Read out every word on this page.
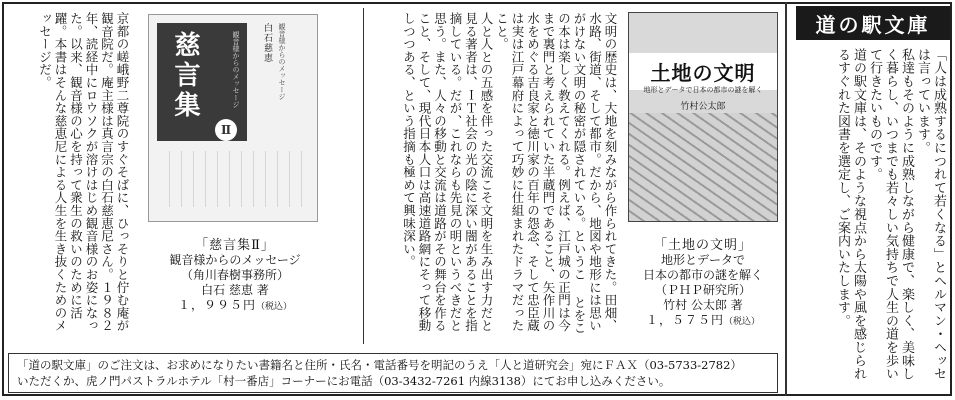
道の駅文庫
「人は成熟するにつれて若くなる」とヘルマン・ヘッセは言っています。
私達もそのように成熟しながら健康で、楽しく、美味しく暮らし、いつまでも若々しい気持ちで人生の道を歩いて行きたいものです。
道の駅文庫は、そのような視点から太陽や風を感じられるすぐれた図書を選定し、ご案内いたします。
文明の歴史は、大地を刻みながら作られてきた。田畑、水路、街道、そして都市。だから、地図や地形には思いがけない文明の秘密が隠されている。というこ とをこの本は楽しく教えてくれる。例えば、江戸城の正門は今まで裏門と考えられていた半蔵門であること、矢作川の水をめぐる吉良家と徳川家の百年の怨念、そして忠臣蔵は実は江戸幕府によって巧妙に仕組まれたドラマだったこと。
人と人との五感を伴った交流こそ文明を生み出す力だと見る著者は、ＩＴ社会の光の陰に深い闇があることを指摘している。だが、これならも先見の明というべきだと思う。また、人々の移動と交流は道路がその舞台を作ること、そして、現代日本人口は高速道路網にそって移動しつつある、という指摘も極めて興味深い。	土地の文明
地形とデータで日本の都市の謎を解く
竹村公太郎
「土地の文明」
地形とデータで
日本の都市の謎を解く
（ＰＨＰ研究所）
竹村 公太郎 著
１，５７５円（税込）
慈言集	観音様からのメッセージ
Ⅱ
白石慈恵 観音様からのメッセージ
「慈言集Ⅱ」
観音様からのメッセージ
（角川春樹事務所）
白石 慈恵 著
１，９９５円（税込）
京都の嵯峨野二尊院のすぐそばに、ひっそりと佇む庵が観音院だ。庵主様は真言宗の白石慈恵尼さん。１９８２年、読経中にロウソクが溶けはじめ観音様のお姿になった。以来、観音様の心を持って衆生の救いのために活躍。本書はそんな慈恵尼による人生を生き抜くためのメッセージだ。
「道の駅文庫」のご注文は、お求めになりたい書籍名と住所・氏名・電話番号を明記のうえ「人と道研究会」宛にＦＡＸ（03-5733-2782）
いただくか、虎ノ門パストラルホテル「村一番店」コーナーにお電話（03-3432-7261 内線3138）にてお申し込みください。
